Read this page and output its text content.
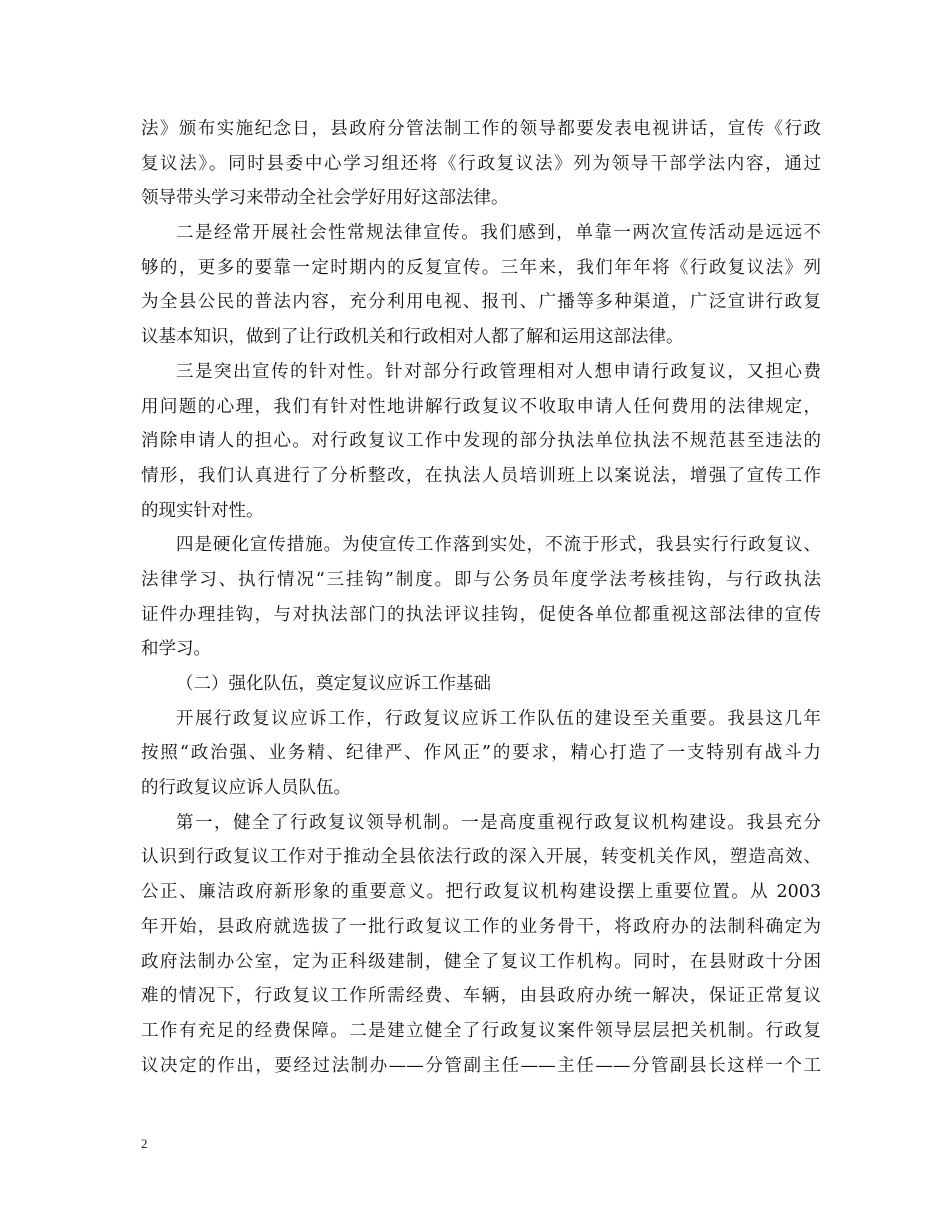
法》颁布实施纪念日，县政府分管法制工作的领导都要发表电视讲话，宣传《行政
复议法》。同时县委中心学习组还将《行政复议法》列为领导干部学法内容，通过
领导带头学习来带动全社会学好用好这部法律。
二是经常开展社会性常规法律宣传。我们感到，单靠一两次宣传活动是远远不
够的，更多的要靠一定时期内的反复宣传。三年来，我们年年将《行政复议法》列
为全县公民的普法内容，充分利用电视、报刊、广播等多种渠道，广泛宣讲行政复
议基本知识，做到了让行政机关和行政相对人都了解和运用这部法律。
三是突出宣传的针对性。针对部分行政管理相对人想申请行政复议，又担心费
用问题的心理，我们有针对性地讲解行政复议不收取申请人任何费用的法律规定，
消除申请人的担心。对行政复议工作中发现的部分执法单位执法不规范甚至违法的
情形，我们认真进行了分析整改，在执法人员培训班上以案说法，增强了宣传工作
的现实针对性。
四是硬化宣传措施。为使宣传工作落到实处，不流于形式，我县实行行政复议、
法律学习、执行情况“三挂钩”制度。即与公务员年度学法考核挂钩，与行政执法
证件办理挂钩，与对执法部门的执法评议挂钩，促使各单位都重视这部法律的宣传
和学习。
（二）强化队伍，奠定复议应诉工作基础
开展行政复议应诉工作，行政复议应诉工作队伍的建设至关重要。我县这几年
按照“政治强、业务精、纪律严、作风正”的要求，精心打造了一支特别有战斗力
的行政复议应诉人员队伍。
第一，健全了行政复议领导机制。一是高度重视行政复议机构建设。我县充分
认识到行政复议工作对于推动全县依法行政的深入开展，转变机关作风，塑造高效、
公正、廉洁政府新形象的重要意义。把行政复议机构建设摆上重要位置。从 2003
年开始，县政府就选拔了一批行政复议工作的业务骨干，将政府办的法制科确定为
政府法制办公室，定为正科级建制，健全了复议工作机构。同时，在县财政十分困
难的情况下，行政复议工作所需经费、车辆，由县政府办统一解决，保证正常复议
工作有充足的经费保障。二是建立健全了行政复议案件领导层层把关机制。行政复
议决定的作出，要经过法制办——分管副主任——主任——分管副县长这样一个工
2
